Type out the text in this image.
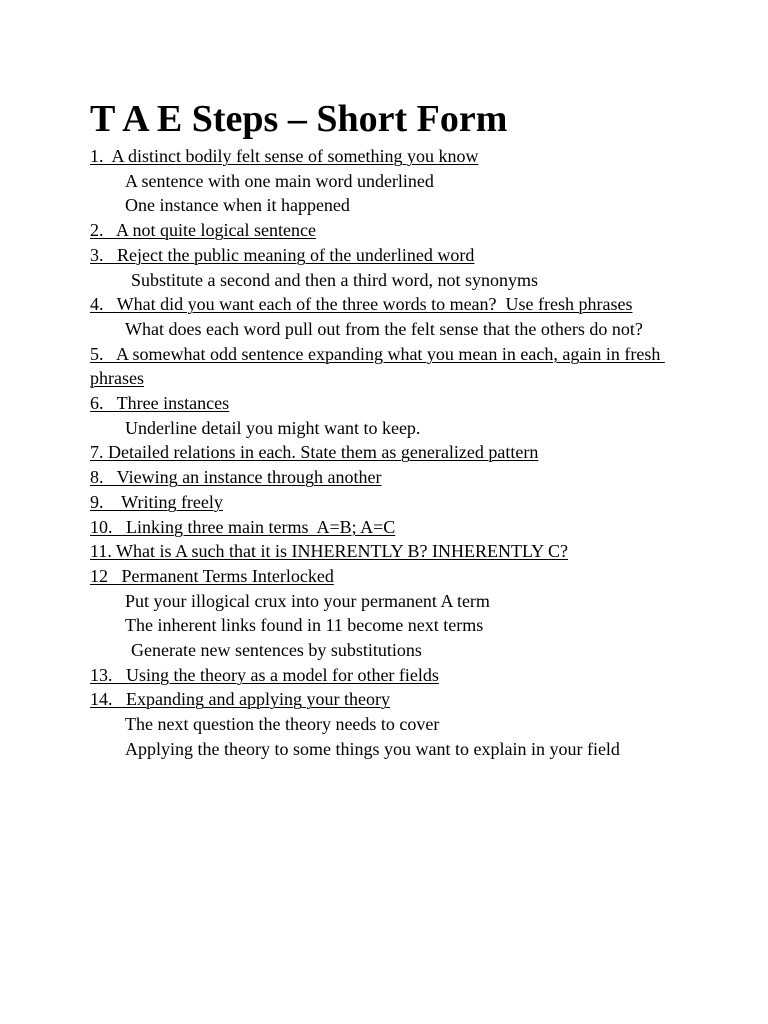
T A E Steps – Short Form
1.  A distinct bodily felt sense of something you know
A sentence with one main word underlined
One instance when it happened
2.   A not quite logical sentence
3.   Reject the public meaning of the underlined word
Substitute a second and then a third word, not synonyms
4.   What did you want each of the three words to mean?  Use fresh phrases
What does each word pull out from the felt sense that the others do not?
5.   A somewhat odd sentence expanding what you mean in each, again in fresh phrases
6.   Three instances
Underline detail you might want to keep.
7. Detailed relations in each. State them as generalized pattern
8.   Viewing an instance through another
9.    Writing freely
10.   Linking three main terms  A=B; A=C
11. What is A such that it is INHERENTLY B? INHERENTLY C?
12   Permanent Terms Interlocked
Put your illogical crux into your permanent A term
The inherent links found in 11 become next terms
Generate new sentences by substitutions
13.   Using the theory as a model for other fields
14.   Expanding and applying your theory
The next question the theory needs to cover
Applying the theory to some things you want to explain in your field
